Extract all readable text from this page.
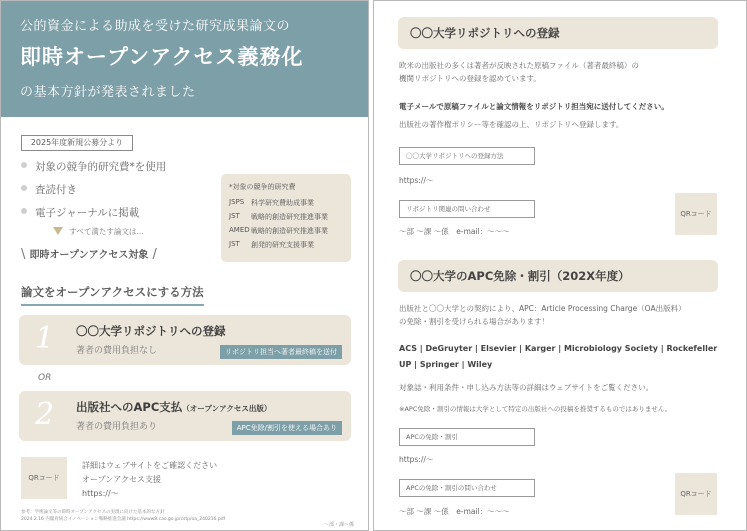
公的資金による助成を受けた研究成果論文の
即時オープンアクセス義務化
の基本方針が発表されました
2025年度新規公募分より
対象の競争的研究費*を使用
査読付き
電子ジャーナルに掲載
すべて満たす論文は…
\ 即時オープンアクセス対象 /
*対象の競争的研究費
JSPS 科学研究費助成事業
JST	戦略的創造研究推進事業
AMED 戦略的創造研究推進事業
JST	創発的研究支援事業
論文をオープンアクセスにする方法
1 〇〇大学リポジトリへの登録
著者の費用負担なし	リポジトリ担当へ著者最終稿を送付
OR
2 出版社へのAPC支払（オープンアクセス出版）
著者の費用負担あり	APC免除/割引を使える場合あり
QRコード
詳細はウェブサイトをご確認ください
オープンアクセス支援
https://～
参考：学術論文等の即時オープンアクセスの実現に向けた基本的な方針
2024.2.16 内閣府統合イノベーション戦略推進会議 https://www8.cao.go.jp/cstp/oa_240216.pdf
～部・課～係
〇〇大学リポジトリへの登録
欧米の出版社の多くは著者が反映された原稿ファイル（著者最終稿）の
機関リポジトリへの登録を認めています。
電子メールで原稿ファイルと論文情報をリポジトリ担当宛に送付してください。
出版社の著作権ポリシー等を確認の上、リポジトリへ登録します。
〇〇大学リポジトリへの登録方法
https://～
リポジトリ関連の問い合わせ
～部 ～課 ～係　e-mail：～～～
QRコード
〇〇大学のAPC免除・割引（202X年度）
出版社と〇〇大学との契約により、APC：Article Processing Charge（OA出版料）
の免除・割引を受けられる場合があります！
ACS | DeGruyter | Elsevier | Karger | Microbiology Society | Rockefeller UP | Springer | Wiley
対象誌・利用条件・申し込み方法等の詳細はウェブサイトをご覧ください。
※APC免除・割引の情報は大学として特定の出版社への投稿を推奨するものではありません。
APCの免除・割引
https://～
APCの免除・割引の問い合わせ
～部 ～課 ～係　e-mail：～～～
QRコード
